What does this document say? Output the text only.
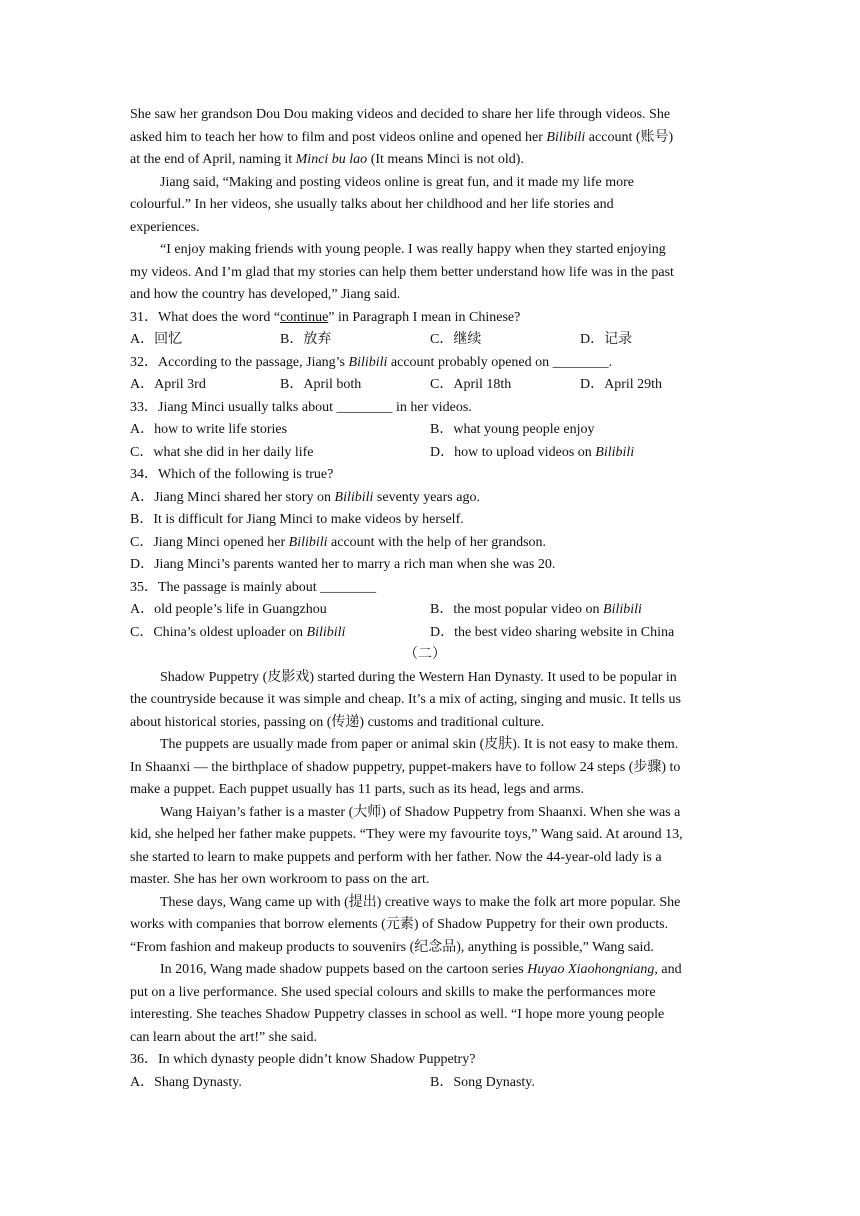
She saw her grandson Dou Dou making videos and decided to share her life through videos. She
asked him to teach her how to film and post videos online and opened her Bilibili account (账号)
at the end of April, naming it Minci bu lao (It means Minci is not old).
Jiang said, “Making and posting videos online is great fun, and it made my life more
colourful.” In her videos, she usually talks about her childhood and her life stories and
experiences.
“I enjoy making friends with young people. I was really happy when they started enjoying
my videos. And I’m glad that my stories can help them better understand how life was in the past
and how the country has developed,” Jiang said.
31．What does the word “continue” in Paragraph I mean in Chinese?
A．回忆	B．放弃	C．继续	D．记录
32．According to the passage, Jiang’s Bilibili account probably opened on ________.
A．April 3rd	B．April both	C．April 18th	D．April 29th
33．Jiang Minci usually talks about ________ in her videos.
A．how to write life stories	B．what young people enjoy
C．what she did in her daily life	D．how to upload videos on Bilibili
34．Which of the following is true?
A．Jiang Minci shared her story on Bilibili seventy years ago.
B．It is difficult for Jiang Minci to make videos by herself.
C．Jiang Minci opened her Bilibili account with the help of her grandson.
D．Jiang Minci’s parents wanted her to marry a rich man when she was 20.
35．The passage is mainly about ________
A．old people’s life in Guangzhou	B．the most popular video on Bilibili
C．China’s oldest uploader on Bilibili	D．the best video sharing website in China
（二）
Shadow Puppetry (皮影戏) started during the Western Han Dynasty. It used to be popular in
the countryside because it was simple and cheap. It’s a mix of acting, singing and music. It tells us
about historical stories, passing on (传递) customs and traditional culture.
The puppets are usually made from paper or animal skin (皮肤). It is not easy to make them.
In Shaanxi — the birthplace of shadow puppetry, puppet-makers have to follow 24 steps (步骤) to
make a puppet. Each puppet usually has 11 parts, such as its head, legs and arms.
Wang Haiyan’s father is a master (大师) of Shadow Puppetry from Shaanxi. When she was a
kid, she helped her father make puppets. “They were my favourite toys,” Wang said. At around 13,
she started to learn to make puppets and perform with her father. Now the 44-year-old lady is a
master. She has her own workroom to pass on the art.
These days, Wang came up with (提出) creative ways to make the folk art more popular. She
works with companies that borrow elements (元素) of Shadow Puppetry for their own products.
“From fashion and makeup products to souvenirs (纪念品), anything is possible,” Wang said.
In 2016, Wang made shadow puppets based on the cartoon series Huyao Xiaohongniang, and
put on a live performance. She used special colours and skills to make the performances more
interesting. She teaches Shadow Puppetry classes in school as well. “I hope more young people
can learn about the art!” she said.
36．In which dynasty people didn’t know Shadow Puppetry?
A．Shang Dynasty.	B．Song Dynasty.
